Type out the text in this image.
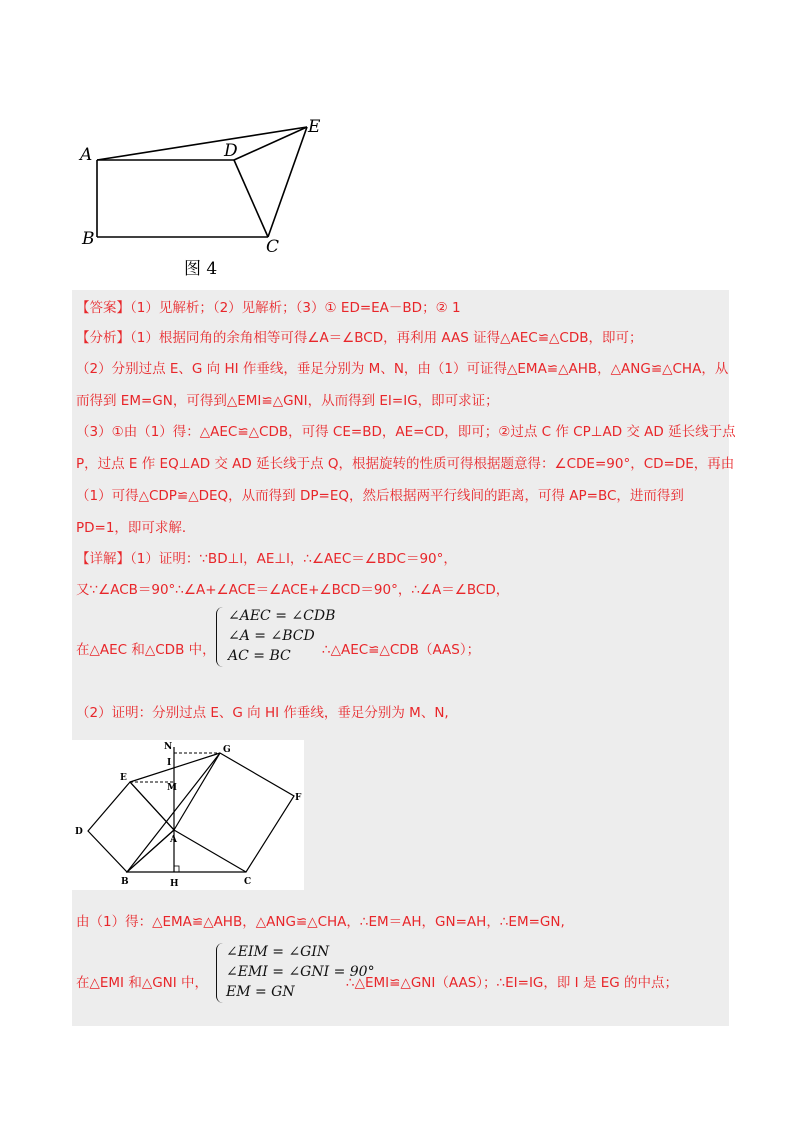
A	D
E
B	C
图 4
【答案】（1）见解析；（2）见解析；（3）① ED=EA－BD；② 1
【分析】（1）根据同角的余角相等可得∠A＝∠BCD，再利用 AAS 证得△AEC≌△CDB，即可；
（2）分别过点 E、G 向 HI 作垂线，垂足分别为 M、N，由（1）可证得△EMA≌△AHB，△ANG≌△CHA，从
而得到 EM=GN，可得到△EMI≌△GNI，从而得到 EI=IG，即可求证；
（3）①由（1）得：△AEC≌△CDB，可得 CE=BD，AE=CD，即可；②过点 C 作 CP⊥AD 交 AD 延长线于点
P，过点 E 作 EQ⊥AD 交 AD 延长线于点 Q，根据旋转的性质可得根据题意得：∠CDE=90°，CD=DE，再由
（1）可得△CDP≌△DEQ，从而得到 DP=EQ，然后根据两平行线间的距离，可得 AP=BC，进而得到
PD=1，即可求解．
【详解】（1）证明：∵BD⊥l，AE⊥l，∴∠AEC＝∠BDC＝90°，
又∵∠ACB＝90°∴∠A+∠ACE＝∠ACE+∠BCD＝90°，∴∠A＝∠BCD，
在△AEC 和△CDB 中，
∠AEC = ∠CDB
∠A = ∠BCD
AC = BC	∴△AEC≌△CDB（AAS）；
（2）证明：分别过点 E、G 向 HI 作垂线，垂足分别为 M、N,
N	G
I
E
M
F
D
A
B	H	C
由（1）得：△EMA≌△AHB，△ANG≌△CHA，∴EM＝AH，GN=AH，∴EM=GN,
在△EMI 和△GNI 中，
∠EIM = ∠GIN
∠EMI = ∠GNI = 90°
EM = GN
∴△EMI≌△GNI（AAS）；∴EI=IG，即 I 是 EG 的中点；
